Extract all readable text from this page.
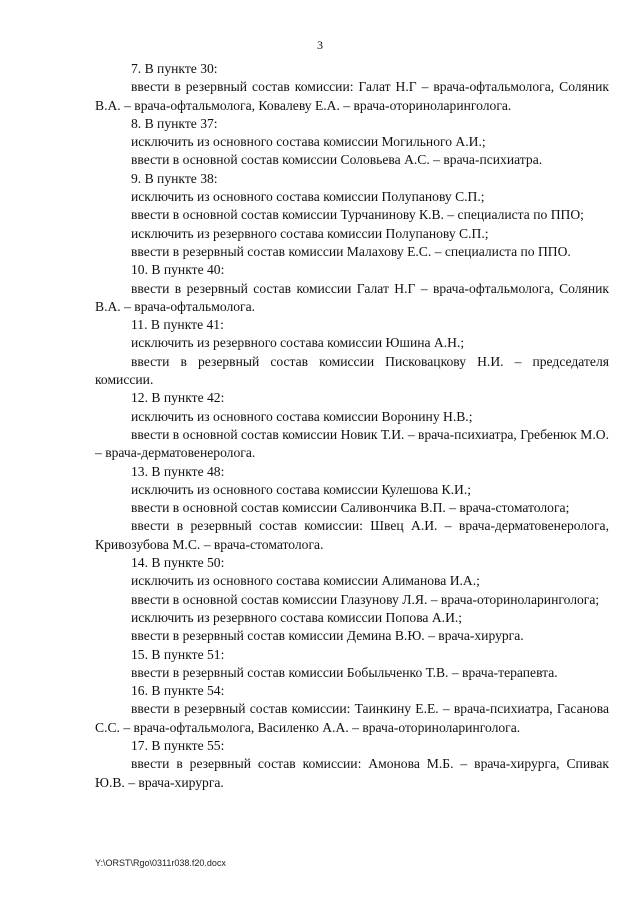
3
7. В пункте 30:
ввести в резервный состав комиссии: Галат Н.Г – врача-офтальмолога, Соляник В.А. – врача-офтальмолога, Ковалеву Е.А. – врача-оториноларинголога.
8. В пункте 37:
исключить из основного состава комиссии Могильного А.И.;
ввести в основной состав комиссии Соловьева А.С. – врача-психиатра.
9. В пункте 38:
исключить из основного состава комиссии Полупанову С.П.;
ввести в основной состав комиссии Турчанинову К.В. – специалиста по ППО;
исключить из резервного состава комиссии Полупанову С.П.;
ввести в резервный состав комиссии Малахову Е.С. – специалиста по ППО.
10. В пункте 40:
ввести в резервный состав комиссии Галат Н.Г – врача-офтальмолога, Соляник В.А. – врача-офтальмолога.
11. В пункте 41:
исключить из резервного состава комиссии Юшина А.Н.;
ввести в резервный состав комиссии Писковацкову Н.И. – председателя комиссии.
12. В пункте 42:
исключить из основного состава комиссии Воронину Н.В.;
ввести в основной состав комиссии Новик Т.И. – врача-психиатра, Гребенюк М.О. – врача-дерматовенеролога.
13. В пункте 48:
исключить из основного состава комиссии Кулешова К.И.;
ввести в основной состав комиссии Саливончика В.П. – врача-стоматолога;
ввести в резервный состав комиссии: Швец А.И. – врача-дерматовенеролога, Кривозубова М.С. – врача-стоматолога.
14. В пункте 50:
исключить из основного состава комиссии Алиманова И.А.;
ввести в основной состав комиссии Глазунову Л.Я. – врача-оториноларинголога;
исключить из резервного состава комиссии Попова А.И.;
ввести в резервный состав комиссии Демина В.Ю. – врача-хирурга.
15. В пункте 51:
ввести в резервный состав комиссии Бобыльченко Т.В. – врача-терапевта.
16. В пункте 54:
ввести в резервный состав комиссии: Таинкину Е.Е. – врача-психиатра, Гасанова С.С. – врача-офтальмолога, Василенко А.А. – врача-оториноларинголога.
17. В пункте 55:
ввести в резервный состав комиссии: Амонова М.Б. – врача-хирурга, Спивак Ю.В. – врача-хирурга.
Y:\ORST\Rgo\0311r038.f20.docx
